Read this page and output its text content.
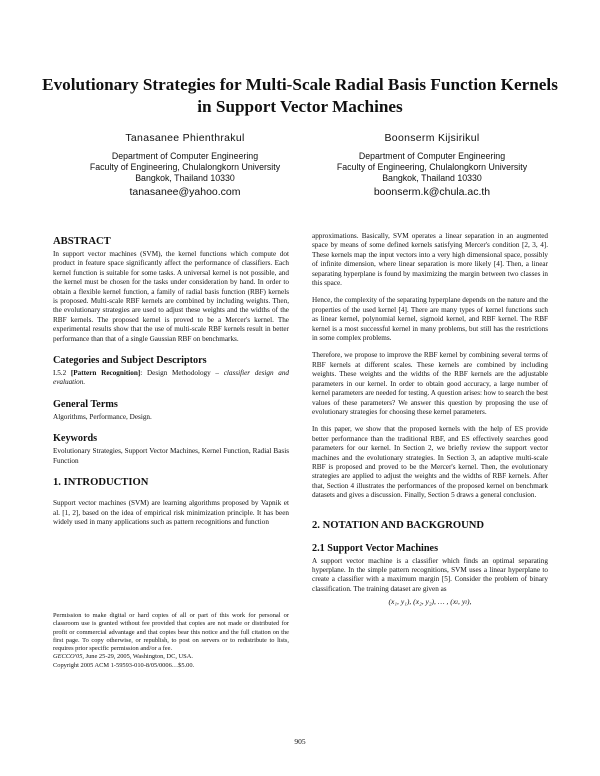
Evolutionary Strategies for Multi-Scale Radial Basis Function Kernels in Support Vector Machines
Tanasanee Phienthrakul
Department of Computer Engineering
Faculty of Engineering, Chulalongkorn University
Bangkok, Thailand 10330
tanasanee@yahoo.com
Boonserm Kijsirikul
Department of Computer Engineering
Faculty of Engineering, Chulalongkorn University
Bangkok, Thailand 10330
boonserm.k@chula.ac.th
ABSTRACT

In support vector machines (SVM), the kernel functions which compute dot product in feature space significantly affect the performance of classifiers. Each kernel function is suitable for some tasks. A universal kernel is not possible, and the kernel must be chosen for the tasks under consideration by hand. In order to obtain a flexible kernel function, a family of radial basis function (RBF) kernels is proposed. Multi-scale RBF kernels are combined by including weights. Then, the evolutionary strategies are used to adjust these weights and the widths of the RBF kernels. The proposed kernel is proved to be a Mercer's kernel. The experimental results show that the use of multi-scale RBF kernels result in better performance than that of a single Gaussian RBF on benchmarks.

Categories and Subject Descriptors

I.5.2 [Pattern Recognition]: Design Methodology – classifier design and evaluation.

General Terms

Algorithms, Performance, Design.

Keywords

Evolutionary Strategies, Support Vector Machines, Kernel Function, Radial Basis Function

1. INTRODUCTION

Support vector machines (SVM) are learning algorithms proposed by Vapnik et al. [1, 2], based on the idea of empirical risk minimization principle. It has been widely used in many applications such as pattern recognitions and function

Permission to make digital or hard copies of all or part of this work for personal or classroom use is granted without fee provided that copies are not made or distributed for profit or commercial advantage and that copies bear this notice and the full citation on the first page. To copy otherwise, or republish, to post on servers or to redistribute to lists, requires prior specific permission and/or a fee.

GECCO'05, June 25-29, 2005, Washington, DC, USA.

Copyright 2005 ACM 1-59593-010-8/05/0006…$5.00.

approximations. Basically, SVM operates a linear separation in an augmented space by means of some defined kernels satisfying Mercer's condition [2, 3, 4]. These kernels map the input vectors into a very high dimensional space, possibly of infinite dimension, where linear separation is more likely [4]. Then, a linear separating hyperplane is found by maximizing the margin between two classes in this space.

Hence, the complexity of the separating hyperplane depends on the nature and the properties of the used kernel [4]. There are many types of kernel functions such as linear kernel, polynomial kernel, sigmoid kernel, and RBF kernel. The RBF kernel is a most successful kernel in many problems, but still has the restrictions in some complex problems.

Therefore, we propose to improve the RBF kernel by combining several terms of RBF kernels at different scales. These kernels are combined by including weights. These weights and the widths of the RBF kernels are the adjustable parameters in our kernel. In order to obtain good accuracy, a large number of kernel parameters are needed for testing. A question arises: how to search the best values of these parameters? We answer this question by proposing the use of evolutionary strategies for choosing these kernel parameters.

In this paper, we show that the proposed kernels with the help of ES provide better performance than the traditional RBF, and ES effectively searches good parameters for our kernel. In Section 2, we briefly review the support vector machines and the evolutionary strategies. In Section 3, an adaptive multi-scale RBF is proposed and proved to be the Mercer's kernel. Then, the evolutionary strategies are applied to adjust the weights and the widths of RBF kernels. After that, Section 4 illustrates the performances of the proposed kernel on benchmark datasets and gives a discussion. Finally, Section 5 draws a general conclusion.

2. NOTATION AND BACKGROUND
2.1 Support Vector Machines

A support vector machine is a classifier which finds an optimal separating hyperplane. In the simple pattern recognitions, SVM uses a linear hyperplane to create a classifier with a maximum margin [5]. Consider the problem of binary classification. The training dataset are given as

(x₁, y₁), (x₂, y₂), … , (xₗ, yₗ),
905
